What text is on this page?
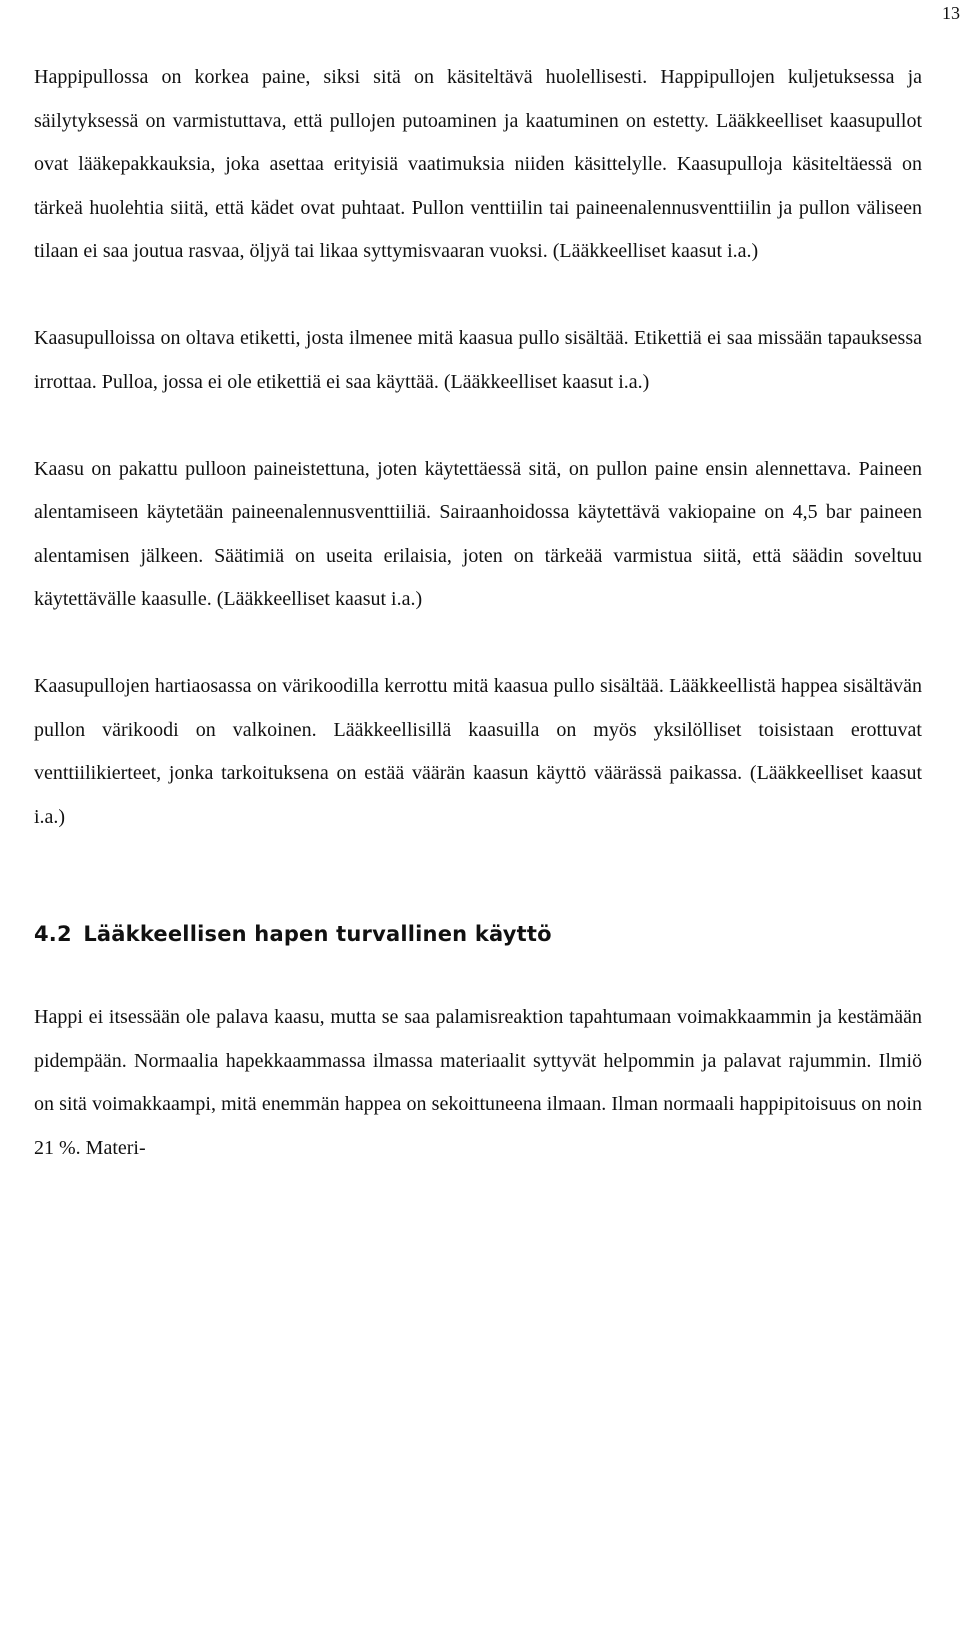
13

Happipullossa on korkea paine, siksi sitä on käsiteltävä huolellisesti. Happipullojen kuljetuksessa ja säilytyksessä on varmistuttava, että pullojen putoaminen ja kaatuminen on estetty. Lääkkeelliset kaasupullot ovat lääkepakkauksia, joka asettaa erityisiä vaatimuksia niiden käsittelylle. Kaasupulloja käsiteltäessä on tärkeä huolehtia siitä, että kädet ovat puhtaat. Pullon venttiilin tai paineenalennusventtiilin ja pullon väliseen tilaan ei saa joutua rasvaa, öljyä tai likaa syttymisvaaran vuoksi. (Lääkkeelliset kaasut i.a.)

Kaasupulloissa on oltava etiketti, josta ilmenee mitä kaasua pullo sisältää. Etikettiä ei saa missään tapauksessa irrottaa. Pulloa, jossa ei ole etikettiä ei saa käyttää. (Lääkkeelliset kaasut i.a.)

Kaasu on pakattu pulloon paineistettuna, joten käytettäessä sitä, on pullon paine ensin alennettava. Paineen alentamiseen käytetään paineenalennusventtiiliä. Sairaanhoidossa käytettävä vakiopaine on 4,5 bar paineen alentamisen jälkeen. Säätimiä on useita erilaisia, joten on tärkeää varmistua siitä, että säädin soveltuu käytettävälle kaasulle. (Lääkkeelliset kaasut i.a.)

Kaasupullojen hartiaosassa on värikoodilla kerrottu mitä kaasua pullo sisältää. Lääkkeellistä happea sisältävän pullon värikoodi on valkoinen. Lääkkeellisillä kaasuilla on myös yksilölliset toisistaan erottuvat venttiilikierteet, jonka tarkoituksena on estää väärän kaasun käyttö väärässä paikassa. (Lääkkeelliset kaasut i.a.)

4.2 Lääkkeellisen hapen turvallinen käyttö

Happi ei itsessään ole palava kaasu, mutta se saa palamisreaktion tapahtumaan voimakkaammin ja kestämään pidempään. Normaalia hapekkaammassa ilmassa materiaalit syttyvät helpommin ja palavat rajummin. Ilmiö on sitä voimakkaampi, mitä enemmän happea on sekoittuneena ilmaan. Ilman normaali happipitoisuus on noin 21 %. Materi-
